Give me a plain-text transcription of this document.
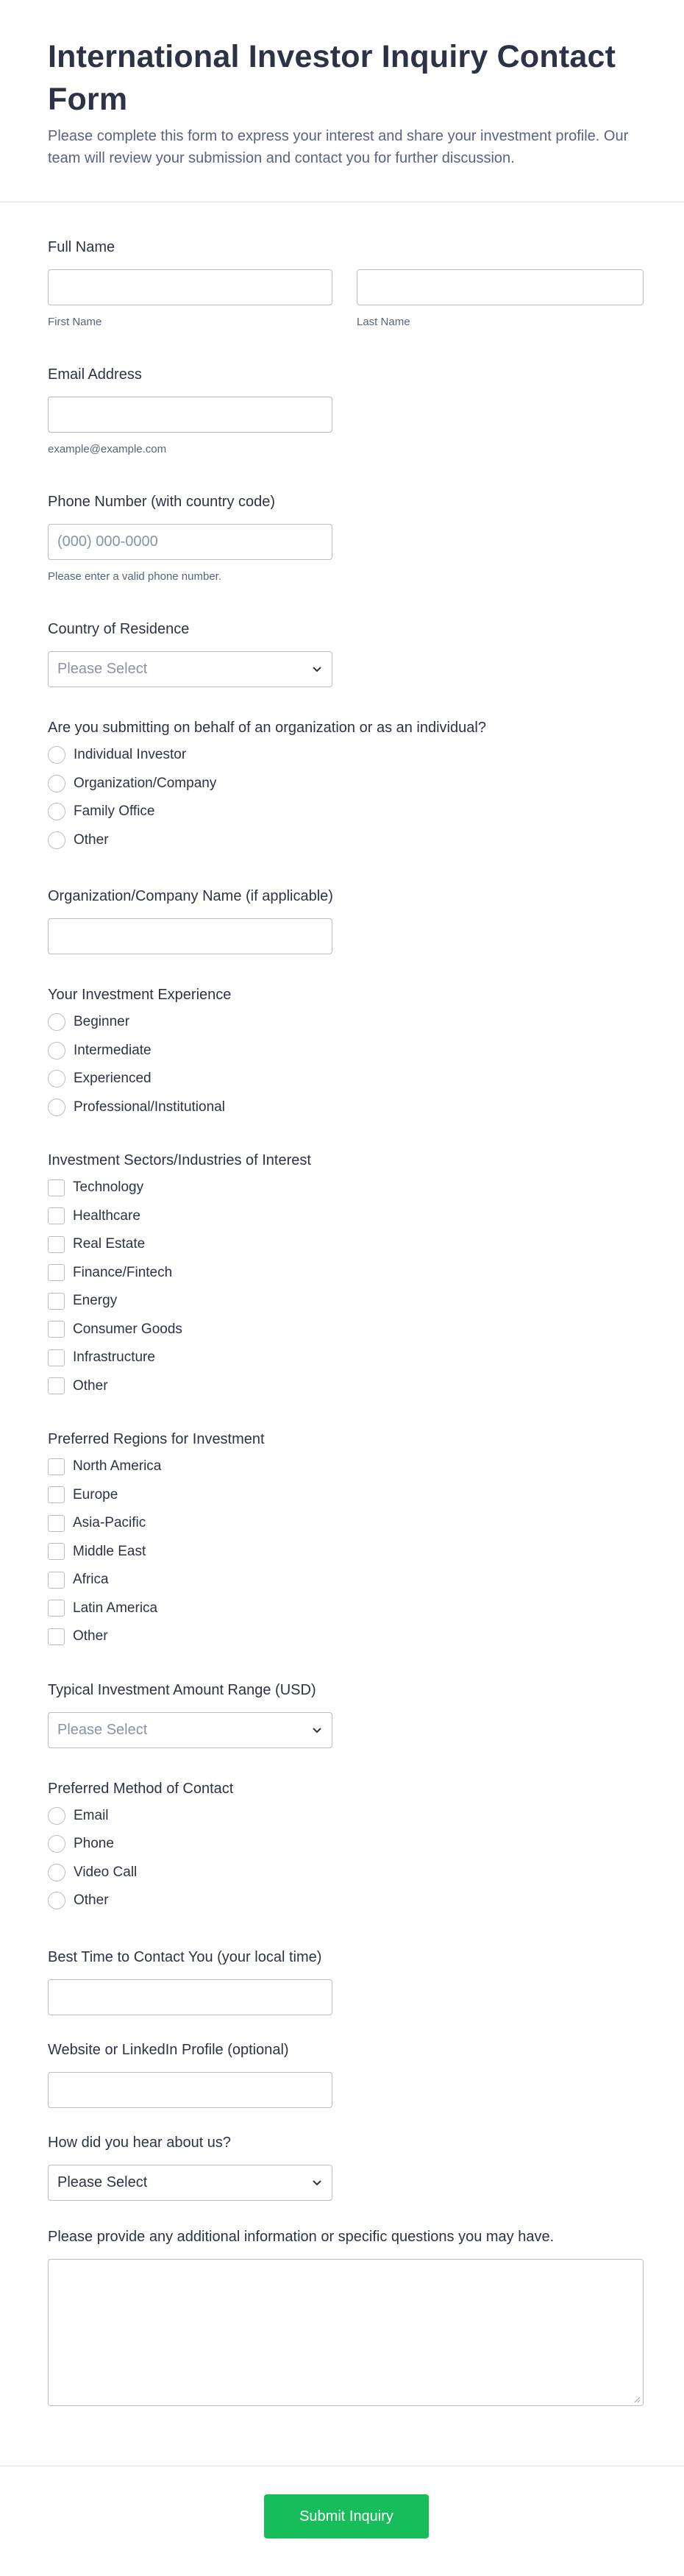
International Investor Inquiry Contact Form
Please complete this form to express your interest and share your investment profile. Our team will review your submission and contact you for further discussion.
Full Name
First Name	Last Name
Email Address
example@example.com
Phone Number (with country code)
(000) 000-0000
Please enter a valid phone number.
Country of Residence
Please Select
Are you submitting on behalf of an organization or as an individual?
Individual Investor
Organization/Company
Family Office
Other
Organization/Company Name (if applicable)
Your Investment Experience
Beginner
Intermediate
Experienced
Professional/Institutional
Investment Sectors/Industries of Interest
Technology
Healthcare
Real Estate
Finance/Fintech
Energy
Consumer Goods
Infrastructure
Other
Preferred Regions for Investment
North America
Europe
Asia-Pacific
Middle East
Africa
Latin America
Other
Typical Investment Amount Range (USD)
Please Select
Preferred Method of Contact
Email
Phone
Video Call
Other
Best Time to Contact You (your local time)
Website or LinkedIn Profile (optional)
How did you hear about us?
Please Select
Please provide any additional information or specific questions you may have.
Submit Inquiry
